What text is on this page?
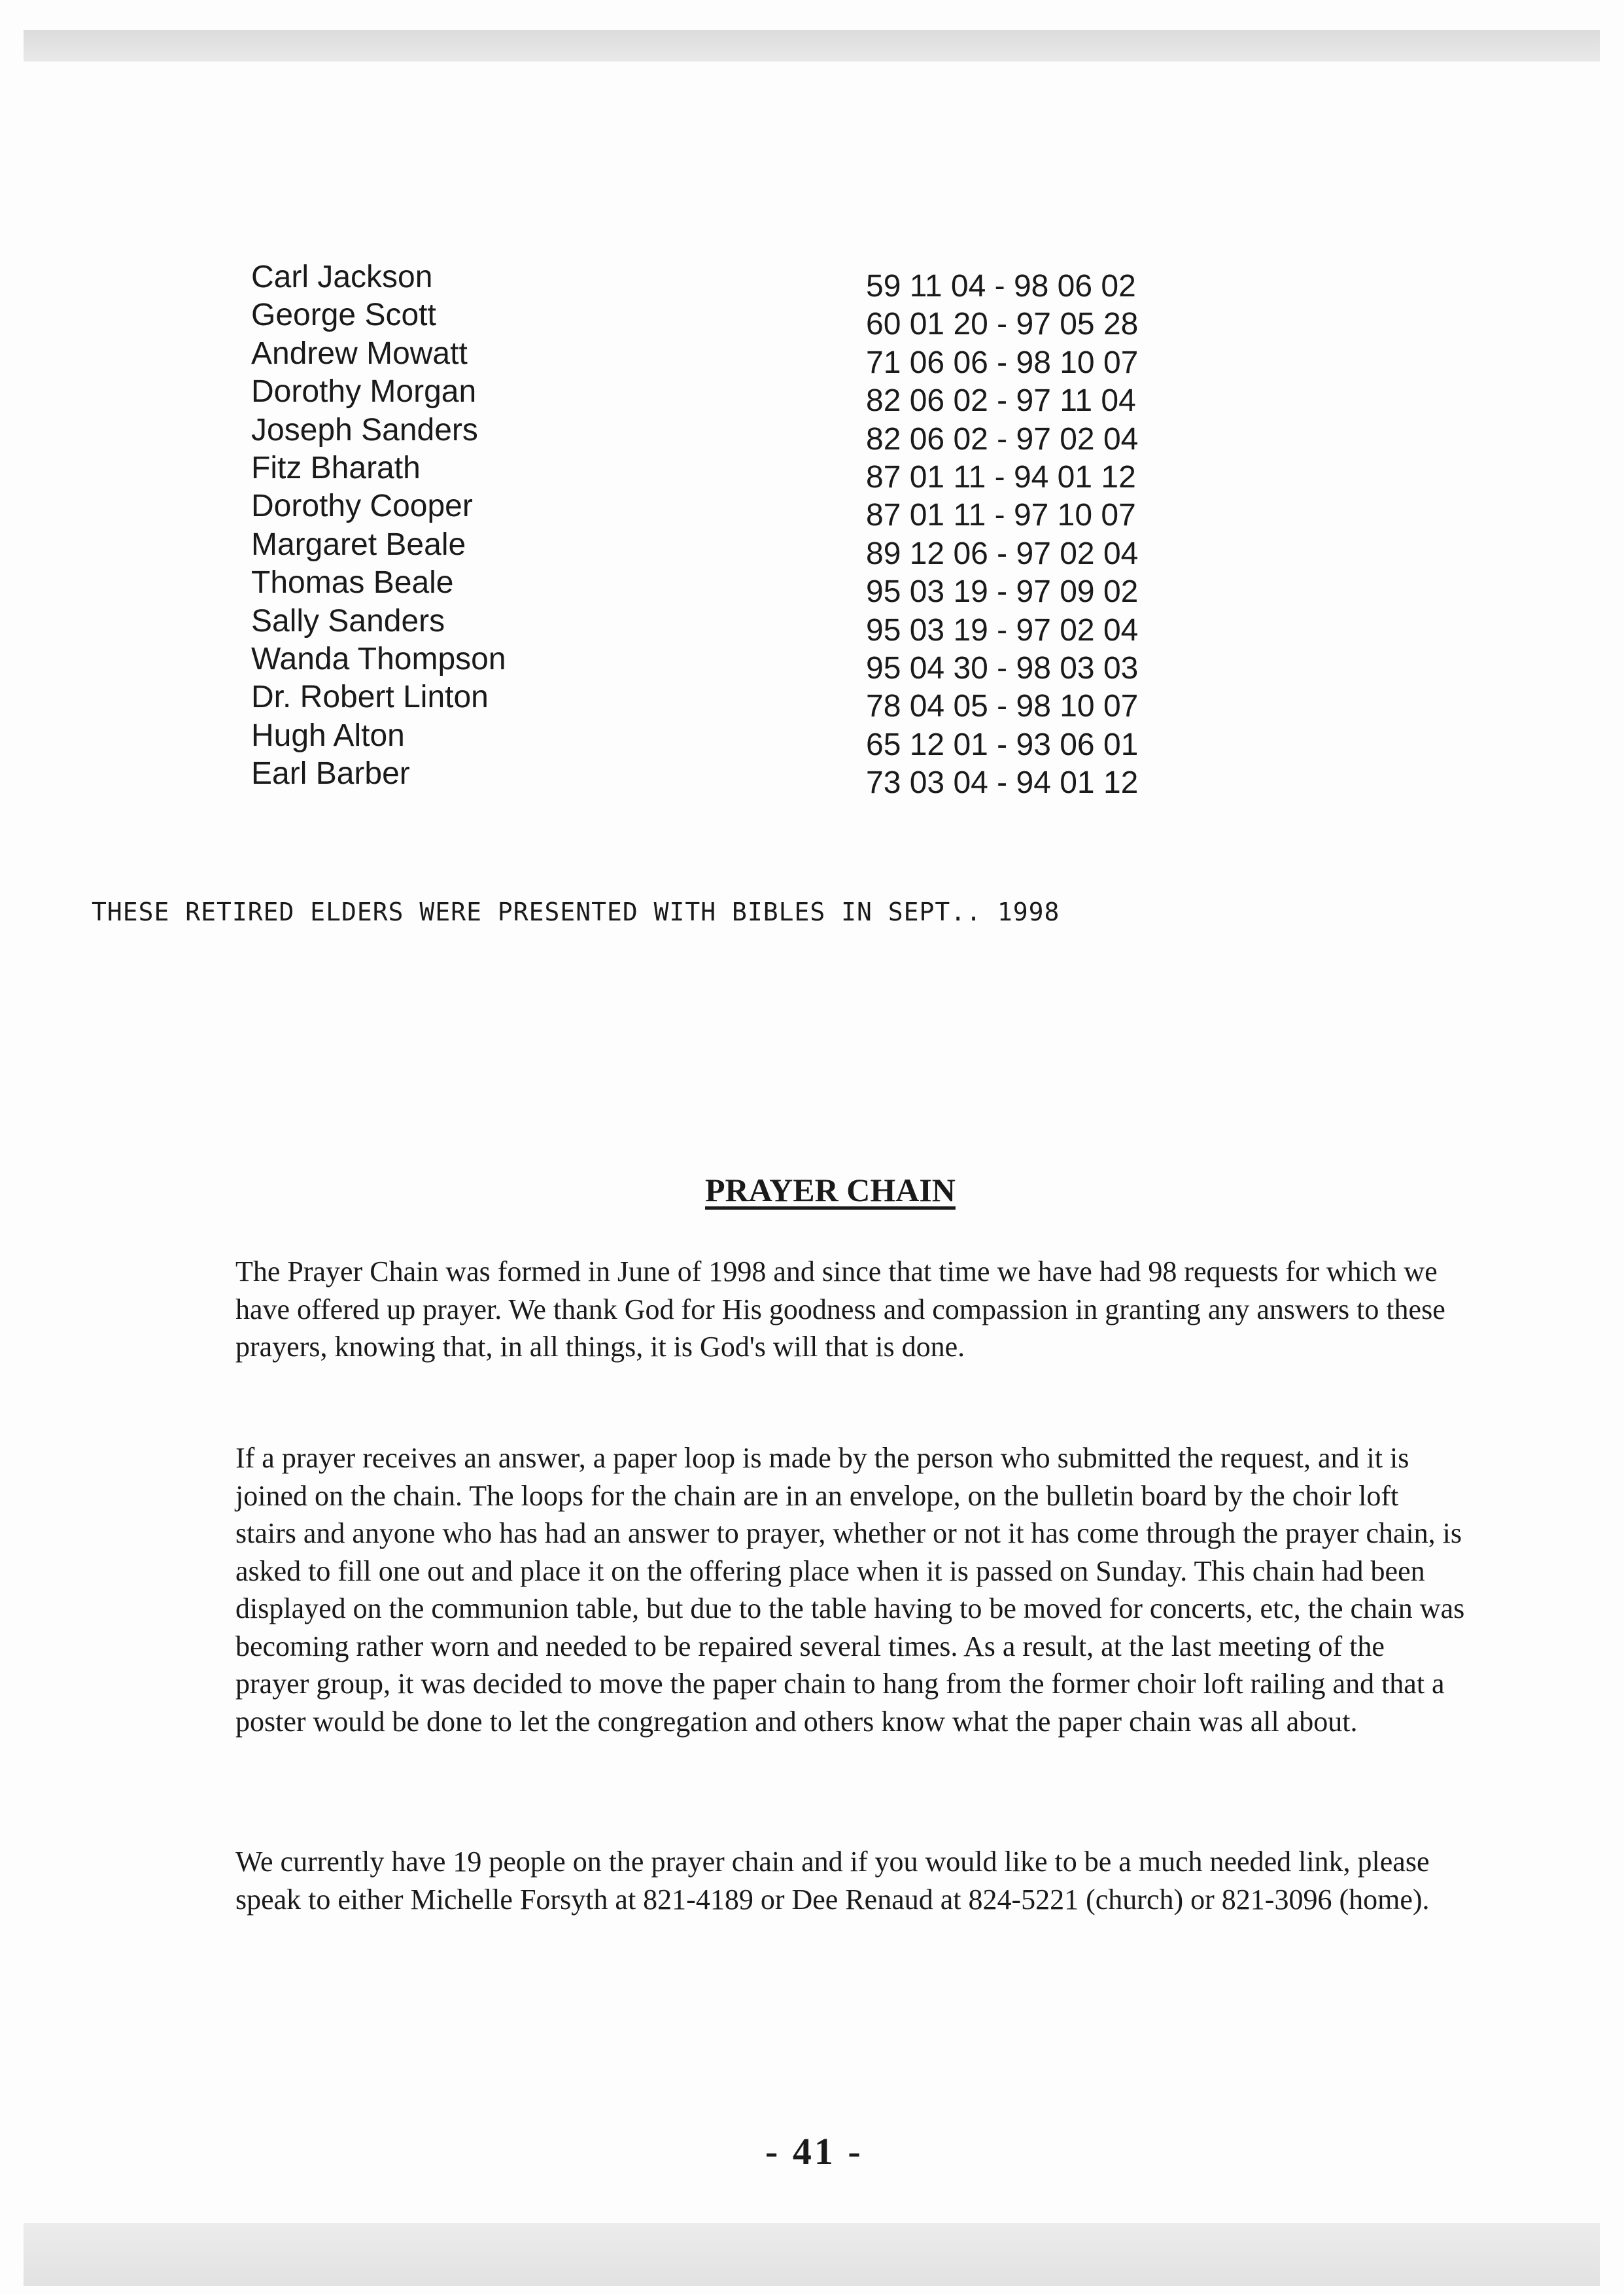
Carl Jackson	59 11 04 - 98 06 02
George Scott	60 01 20 - 97 05 28
Andrew Mowatt	71 06 06 - 98 10 07
Dorothy Morgan	82 06 02 - 97 11 04
Joseph Sanders	82 06 02 - 97 02 04
Fitz Bharath	87 01 11 - 94 01 12
Dorothy Cooper	87 01 11 - 97 10 07
Margaret Beale	89 12 06 - 97 02 04
Thomas Beale	95 03 19 - 97 09 02
Sally Sanders	95 03 19 - 97 02 04
Wanda Thompson	95 04 30 - 98 03 03
Dr. Robert Linton	78 04 05 - 98 10 07
Hugh Alton	65 12 01 - 93 06 01
Earl Barber	73 03 04 - 94 01 12
THESE RETIRED ELDERS WERE PRESENTED WITH BIBLES IN SEPT.. 1998
PRAYER CHAIN

The Prayer Chain was formed in June of 1998 and since that time we have had 98 requests for which we have offered up prayer. We thank God for His goodness and compassion in granting any answers to these prayers, knowing that, in all things, it is God's will that is done.

If a prayer receives an answer, a paper loop is made by the person who submitted the request, and it is joined on the chain. The loops for the chain are in an envelope, on the bulletin board by the choir loft stairs and anyone who has had an answer to prayer, whether or not it has come through the prayer chain, is asked to fill one out and place it on the offering place when it is passed on Sunday. This chain had been displayed on the communion table, but due to the table having to be moved for concerts, etc, the chain was becoming rather worn and needed to be repaired several times. As a result, at the last meeting of the prayer group, it was decided to move the paper chain to hang from the former choir loft railing and that a poster would be done to let the congregation and others know what the paper chain was all about.

We currently have 19 people on the prayer chain and if you would like to be a much needed link, please speak to either Michelle Forsyth at 821-4189 or Dee Renaud at 824-5221 (church) or 821-3096 (home).

- 41 -
